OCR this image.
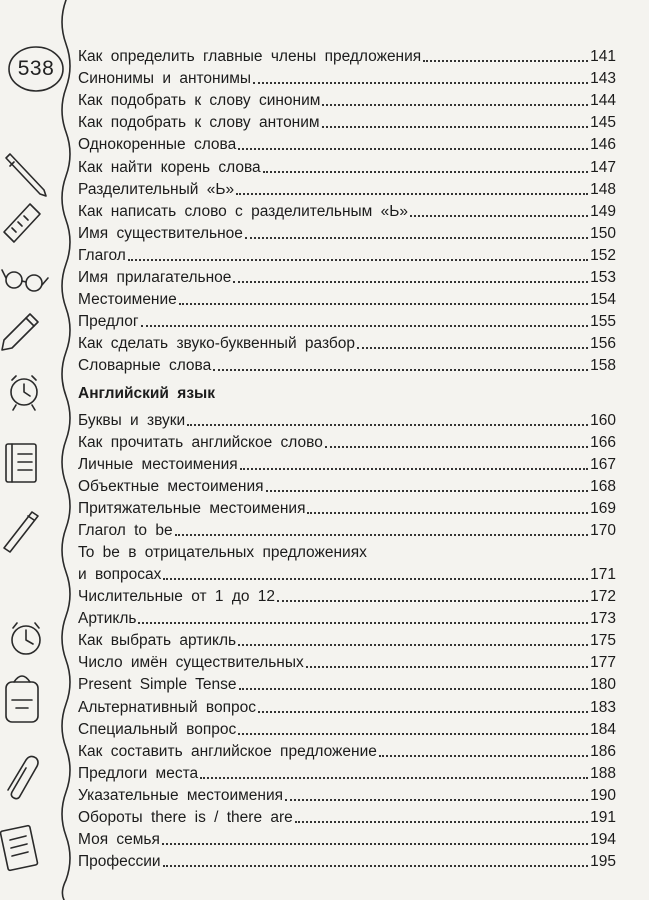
538
Как определить главные члены предложения	141
Синонимы и антонимы	143
Как подобрать к слову синоним	144
Как подобрать к слову антоним	145
Однокоренные слова	146
Как найти корень слова	147
Разделительный «Ь»	148
Как написать слово с разделительным «Ь»	149
Имя существительное	150
Глагол	152
Имя прилагательное	153
Местоимение	154
Предлог	155
Как сделать звуко-буквенный разбор	156
Словарные слова	158
Английский язык
Буквы и звуки	160
Как прочитать английское слово	166
Личные местоимения	167
Объектные местоимения	168
Притяжательные местоимения	169
Глагол to be	170
To be в отрицательных предложениях
и вопросах	171
Числительные от 1 до 12	172
Артикль	173
Как выбрать артикль	175
Число имён существительных	177
Present Simple Tense	180
Альтернативный вопрос	183
Специальный вопрос	184
Как составить английское предложение	186
Предлоги места	188
Указательные местоимения	190
Обороты there is / there are	191
Моя семья	194
Профессии	195
